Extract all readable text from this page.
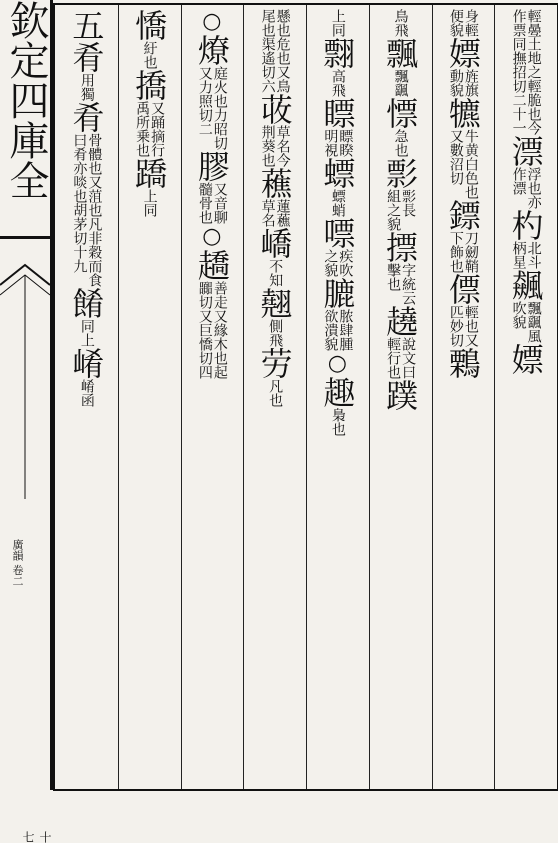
欽定四庫全
廣韻 卷二
十七
五
肴
用獨
肴
骨體也又菹也凡非穀而食
曰肴亦啖也胡茅切十九
餚
同上
崤
崤函
憍
紆也
撟
又踊摘行
禹所乗也
蹻
上同
○
燎
庭火也力昭切
又力照切二
膠
又音聊
髓骨也
○
趫
善走又緣木也起
嚻切又巨憍切四
懸也危也又鳥
尾也渠遙切六
荍
草名今
荆葵也
藮
蓮藮
草名
嶠
不知
翹
側飛
劳
凡也
上同
翲
高飛
瞟
瞟睽
明視
螵
螵蛸
嘌
疾吹
之貌
膔
脓肆腫
欲潰貌
○
趣
梟也
鳥飛
飄
飄颻
慓
急也
彯
彯長
組之貌
摽
字統云
擊也
趬
說文曰
輕行也
蹼
身輕
便貌
嫖
旌旗
動貌
犥
牛黄白色也
又數沼切
鏢
刀劒鞘
下飾也
僄
輕也又
匹妙切
鷅
輕㬪土地之輕脆也今
作票同撫招切二十一
漂
浮也亦
作漂
杓
北斗
柄星
飆
飄颻風
吹貌
嫖
